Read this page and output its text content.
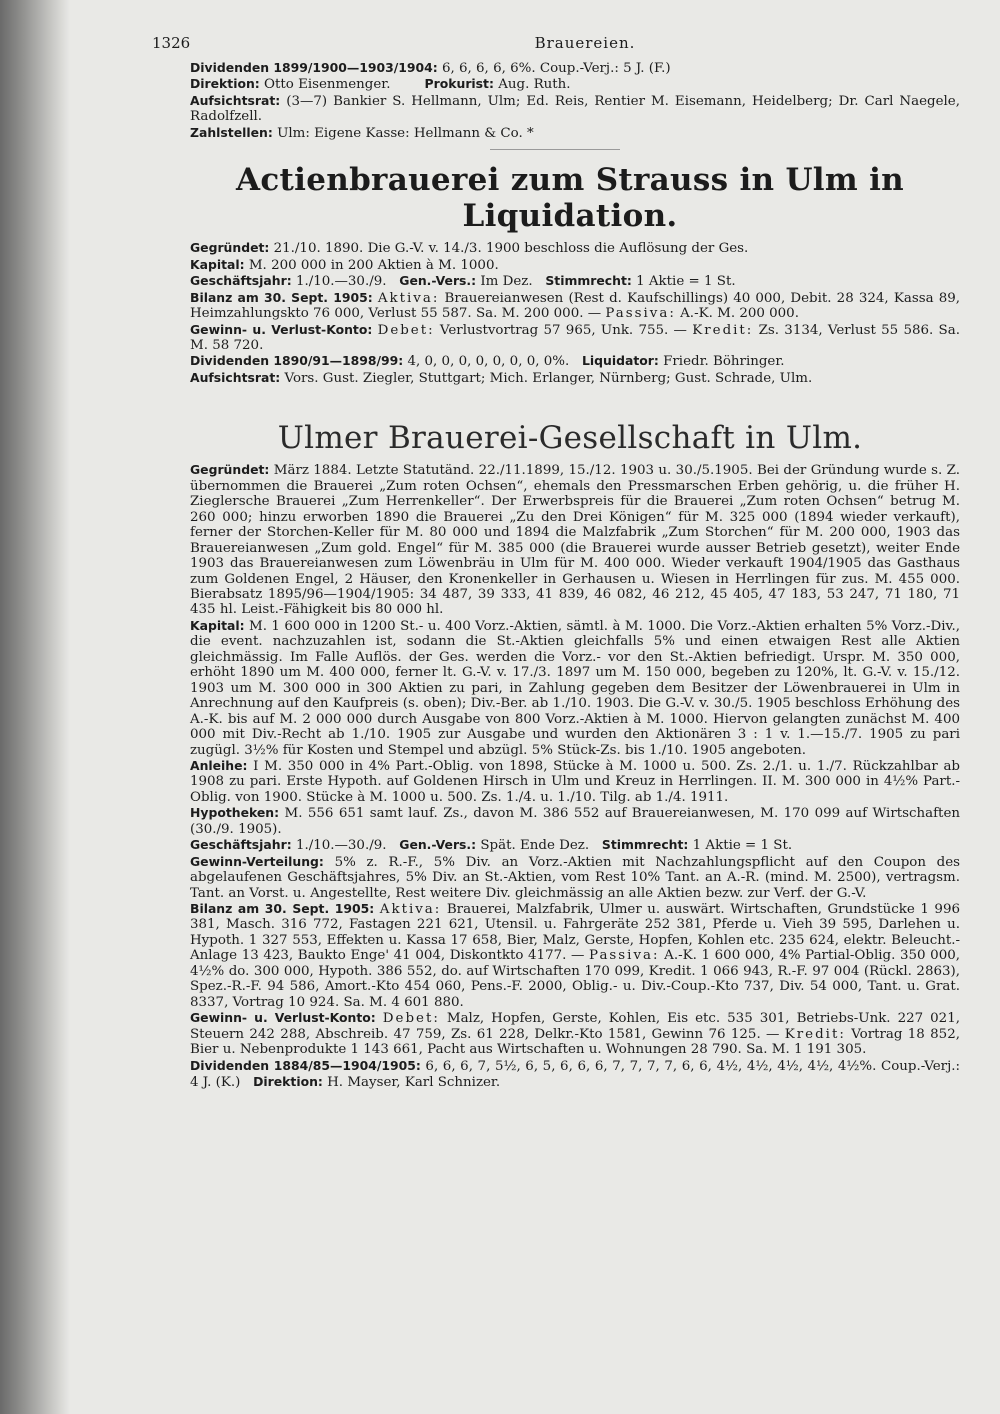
1326	Brauereien.

Dividenden 1899/1900—1903/1904: 6, 6, 6, 6, 6%. Coup.-Verj.: 5 J. (F.)

Direktion: Otto Eisenmenger.	Prokurist: Aug. Ruth.

Aufsichtsrat: (3—7) Bankier S. Hellmann, Ulm; Ed. Reis, Rentier M. Eisemann, Heidelberg; Dr. Carl Naegele, Radolfzell.

Zahlstellen: Ulm: Eigene Kasse: Hellmann & Co. *

Actienbrauerei zum Strauss in Ulm in Liquidation.

Gegründet: 21./10. 1890. Die G.-V. v. 14./3. 1900 beschloss die Auflösung der Ges.

Kapital: M. 200 000 in 200 Aktien à M. 1000.

Geschäftsjahr: 1./10.—30./9. Gen.-Vers.: Im Dez. Stimmrecht: 1 Aktie = 1 St.

Bilanz am 30. Sept. 1905: Aktiva: Brauereianwesen (Rest d. Kaufschillings) 40 000, Debit. 28 324, Kassa 89, Heimzahlungskto 76 000, Verlust 55 587. Sa. M. 200 000. — Passiva: A.-K. M. 200 000.

Gewinn- u. Verlust-Konto: Debet: Verlustvortrag 57 965, Unk. 755. — Kredit: Zs. 3134, Verlust 55 586. Sa. M. 58 720.

Dividenden 1890/91—1898/99: 4, 0, 0, 0, 0, 0, 0, 0, 0%. Liquidator: Friedr. Böhringer.

Aufsichtsrat: Vors. Gust. Ziegler, Stuttgart; Mich. Erlanger, Nürnberg; Gust. Schrade, Ulm.

Ulmer Brauerei-Gesellschaft in Ulm.

Gegründet: März 1884. Letzte Statutänd. 22./11.1899, 15./12. 1903 u. 30./5.1905. Bei der Gründung wurde s. Z. übernommen die Brauerei „Zum roten Ochsen“, ehemals den Pressmarschen Erben gehörig, u. die früher H. Zieglersche Brauerei „Zum Herrenkeller“. Der Erwerbspreis für die Brauerei „Zum roten Ochsen“ betrug M. 260 000; hinzu erworben 1890 die Brauerei „Zu den Drei Königen“ für M. 325 000 (1894 wieder verkauft), ferner der Storchen-Keller für M. 80 000 und 1894 die Malzfabrik „Zum Storchen“ für M. 200 000, 1903 das Brauereianwesen „Zum gold. Engel“ für M. 385 000 (die Brauerei wurde ausser Betrieb gesetzt), weiter Ende 1903 das Brauereianwesen zum Löwenbräu in Ulm für M. 400 000. Wieder verkauft 1904/1905 das Gasthaus zum Goldenen Engel, 2 Häuser, den Kronenkeller in Gerhausen u. Wiesen in Herrlingen für zus. M. 455 000. Bierabsatz 1895/96—1904/1905: 34 487, 39 333, 41 839, 46 082, 46 212, 45 405, 47 183, 53 247, 71 180, 71 435 hl. Leist.-Fähigkeit bis 80 000 hl.

Kapital: M. 1 600 000 in 1200 St.- u. 400 Vorz.-Aktien, sämtl. à M. 1000. Die Vorz.-Aktien erhalten 5% Vorz.-Div., die event. nachzuzahlen ist, sodann die St.-Aktien gleichfalls 5% und einen etwaigen Rest alle Aktien gleichmässig. Im Falle Auflös. der Ges. werden die Vorz.- vor den St.-Aktien befriedigt. Urspr. M. 350 000, erhöht 1890 um M. 400 000, ferner lt. G.-V. v. 17./3. 1897 um M. 150 000, begeben zu 120%, lt. G.-V. v. 15./12. 1903 um M. 300 000 in 300 Aktien zu pari, in Zahlung gegeben dem Besitzer der Löwenbrauerei in Ulm in Anrechnung auf den Kaufpreis (s. oben); Div.-Ber. ab 1./10. 1903. Die G.-V. v. 30./5. 1905 beschloss Erhöhung des A.-K. bis auf M. 2 000 000 durch Ausgabe von 800 Vorz.-Aktien à M. 1000. Hiervon gelangten zunächst M. 400 000 mit Div.-Recht ab 1./10. 1905 zur Ausgabe und wurden den Aktionären 3 : 1 v. 1.—15./7. 1905 zu pari zugügl. 3½% für Kosten und Stempel und abzügl. 5% Stück-Zs. bis 1./10. 1905 angeboten.

Anleihe: I M. 350 000 in 4% Part.-Oblig. von 1898, Stücke à M. 1000 u. 500. Zs. 2./1. u. 1./7. Rückzahlbar ab 1908 zu pari. Erste Hypoth. auf Goldenen Hirsch in Ulm und Kreuz in Herrlingen. II. M. 300 000 in 4½% Part.-Oblig. von 1900. Stücke à M. 1000 u. 500. Zs. 1./4. u. 1./10. Tilg. ab 1./4. 1911.

Hypotheken: M. 556 651 samt lauf. Zs., davon M. 386 552 auf Brauereianwesen, M. 170 099 auf Wirtschaften (30./9. 1905).

Geschäftsjahr: 1./10.—30./9. Gen.-Vers.: Spät. Ende Dez. Stimmrecht: 1 Aktie = 1 St.

Gewinn-Verteilung: 5% z. R.-F., 5% Div. an Vorz.-Aktien mit Nachzahlungspflicht auf den Coupon des abgelaufenen Geschäftsjahres, 5% Div. an St.-Aktien, vom Rest 10% Tant. an A.-R. (mind. M. 2500), vertragsm. Tant. an Vorst. u. Angestellte, Rest weitere Div. gleichmässig an alle Aktien bezw. zur Verf. der G.-V.

Bilanz am 30. Sept. 1905: Aktiva: Brauerei, Malzfabrik, Ulmer u. auswärt. Wirtschaften, Grundstücke 1 996 381, Masch. 316 772, Fastagen 221 621, Utensil. u. Fahrgeräte 252 381, Pferde u. Vieh 39 595, Darlehen u. Hypoth. 1 327 553, Effekten u. Kassa 17 658, Bier, Malz, Gerste, Hopfen, Kohlen etc. 235 624, elektr. Beleucht.-Anlage 13 423, Baukto Enge' 41 004, Diskontkto 4177. — Passiva: A.-K. 1 600 000, 4% Partial-Oblig. 350 000, 4½% do. 300 000, Hypoth. 386 552, do. auf Wirtschaften 170 099, Kredit. 1 066 943, R.-F. 97 004 (Rückl. 2863), Spez.-R.-F. 94 586, Amort.-Kto 454 060, Pens.-F. 2000, Oblig.- u. Div.-Coup.-Kto 737, Div. 54 000, Tant. u. Grat. 8337, Vortrag 10 924. Sa. M. 4 601 880.

Gewinn- u. Verlust-Konto: Debet: Malz, Hopfen, Gerste, Kohlen, Eis etc. 535 301, Betriebs-Unk. 227 021, Steuern 242 288, Abschreib. 47 759, Zs. 61 228, Delkr.-Kto 1581, Gewinn 76 125. — Kredit: Vortrag 18 852, Bier u. Nebenprodukte 1 143 661, Pacht aus Wirtschaften u. Wohnungen 28 790. Sa. M. 1 191 305.

Dividenden 1884/85—1904/1905: 6, 6, 6, 7, 5½, 6, 5, 6, 6, 6, 7, 7, 7, 7, 6, 6, 4½, 4½, 4½, 4½, 4½%. Coup.-Verj.: 4 J. (K.) Direktion: H. Mayser, Karl Schnizer.
